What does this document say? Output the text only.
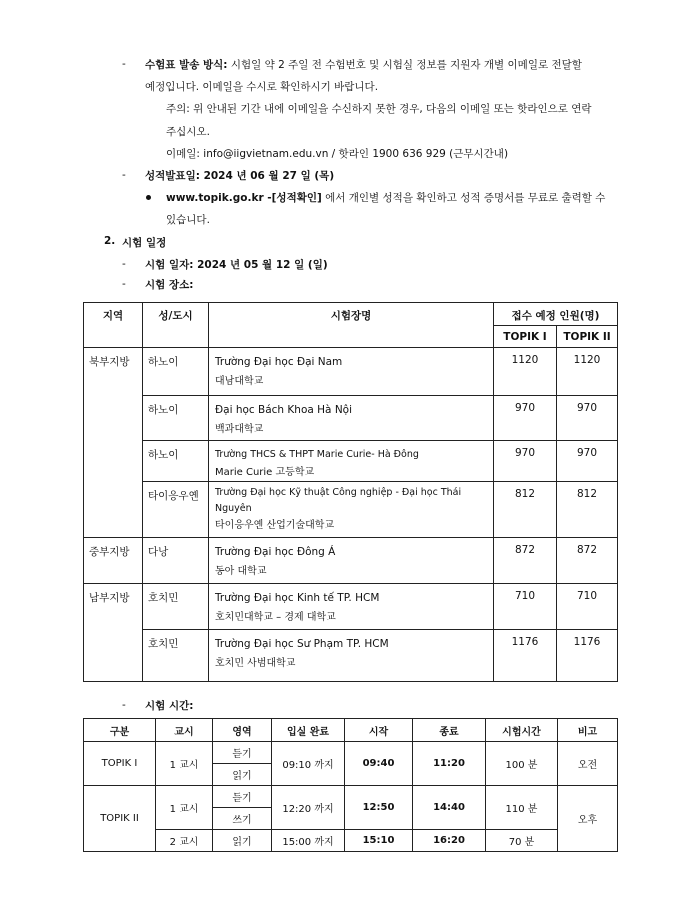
- 수험표 발송 방식: 시험일 약 2 주일 전 수험번호 및 시험실 정보를 지원자 개별 이메일로 전달할
예정입니다. 이메일을 수시로 확인하시기 바랍니다.
주의: 위 안내된 기간 내에 이메일을 수신하지 못한 경우, 다음의 이메일 또는 핫라인으로 연락
주십시오.
이메일: info@iigvietnam.edu.vn / 핫라인 1900 636 929 (근무시간내)
- 성적발표일: 2024 년 06 월 27 일 (목)
www.topik.go.kr -[성적확인] 에서 개인별 성적을 확인하고 성적 증명서를 무료로 출력할 수
있습니다.
2. 시험 일정
- 시험 일자: 2024 년 05 월 12 일 (일)
- 시험 장소:
지역	성/도시	시험장명	접수 예정 인원(명)	
			TOPIK I	TOPIK II
북부지방	하노이	Trường Đại học Đại Nam
대남대학교	1120	1120
	하노이	Đại học Bách Khoa Hà Nội
백과대학교	970	970
	하노이	Trường THCS & THPT Marie Curie- Hà Đông
Marie Curie 고등학교	970	970
	타이응우옌	Trường Đại học Kỹ thuật Công nghiệp - Đại học Thái Nguyên
타이응우옌 산업기술대학교	812	812
중부지방	다낭	Trường Đại học Đông Á
동아 대학교	872	872
남부지방	호치민	Trường Đại học Kinh tế TP. HCM
호치민대학교 – 경제 대학교	710	710
	호치민	Trường Đại học Sư Phạm TP. HCM
호치민 사범대학교	1176	1176
- 시험 시간:
구분	교시	영역	입실 완료	시작	종료	시험시간	비고
TOPIK I	1 교시	듣기	09:10 까지	09:40	11:20	100 분	오전
		읽기					
TOPIK II	1 교시	듣기	12:20 까지	12:50	14:40	110 분	오후
		쓰기					
	2 교시	읽기	15:00 까지	15:10	16:20	70 분	
